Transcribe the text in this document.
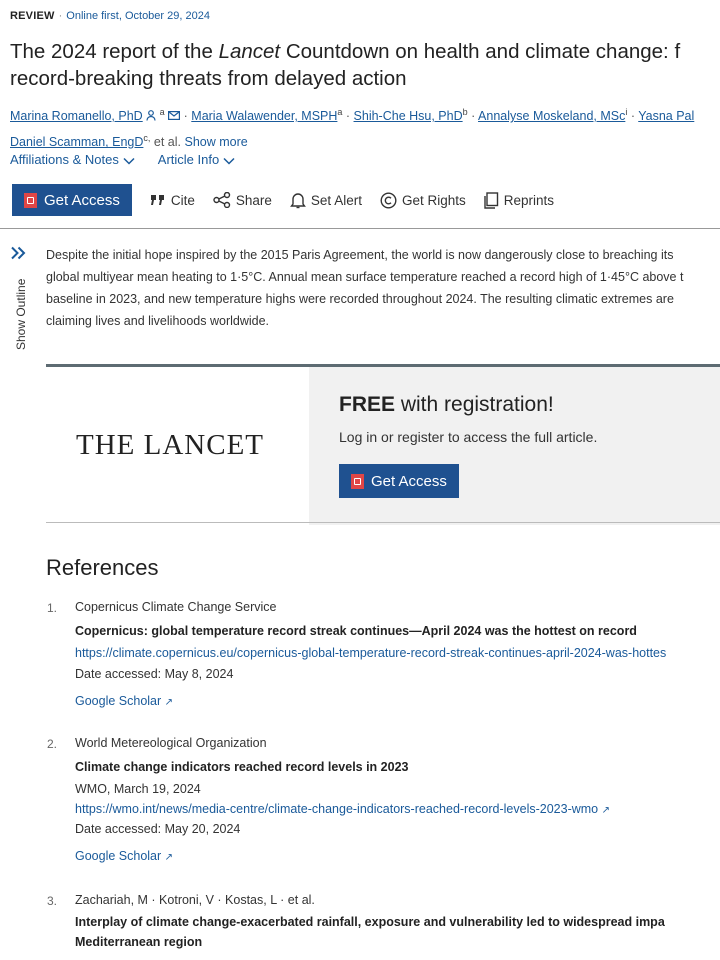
REVIEW · Online first, October 29, 2024
The 2024 report of the Lancet Countdown on health and climate change: f
record-breaking threats from delayed action
Marina Romanello, PhD $^a$  · Maria Walawender, $MSPH^a$ · Shih-Che Hsu, PhD$^b$ · Annalyse Moskeland, MSc$^i$ · Yasna Pal
Daniel Scamman, EngD$^{c,}$ et al. Show more
Affiliations & Notes	Article Info
Get Access	Cite	Share	Set Alert	Get Rights	Reprints
Show Outline
Despite the initial hope inspired by the 2015 Paris Agreement, the world is now dangerously close to breaching its
global multiyear mean heating to 1·5°C. Annual mean surface temperature reached a record high of 1·45°C above t
baseline in 2023, and new temperature highs were recorded throughout 2024. The resulting climatic extremes are
claiming lives and livelihoods worldwide.
THE LANCET
FREE with registration!
Log in or register to access the full article.
Get Access
References
1. Copernicus Climate Change Service
Copernicus: global temperature record streak continues—April 2024 was the hottest on record
https://climate.copernicus.eu/copernicus-global-temperature-record-streak-continues-april-2024-was-hottes
Date accessed: May 8, 2024
Google Scholar ↗
2. World Metereological Organization
Climate change indicators reached record levels in 2023
WMO, March 19, 2024
https://wmo.int/news/media-centre/climate-change-indicators-reached-record-levels-2023-wmo ↗
Date accessed: May 20, 2024
Google Scholar ↗
3. Zachariah, M · Kotroni, V · Kostas, L · et al.
Interplay of climate change-exacerbated rainfall, exposure and vulnerability led to widespread impa
Mediterranean region
